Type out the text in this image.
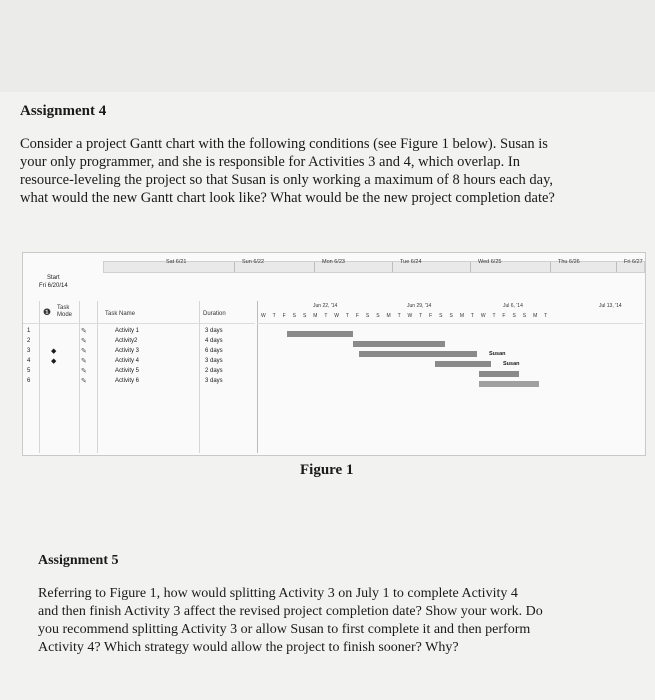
Assignment 4
Consider a project Gantt chart with the following conditions (see Figure 1 below). Susan is
your only programmer, and she is responsible for Activities 3 and 4, which overlap. In
resource-leveling the project so that Susan is only working a maximum of 8 hours each day,
what would the new Gantt chart look like? What would be the new project completion date?
Sat 6/21	Sun 6/22	Mon 6/23	Tue 6/24	Wed 6/25	Thu 6/26	Fri 6/27
Start
Fri 6/20/14
❶ Task Mode	Task Name	Duration
1	✎	Activity 1	3 days
2	✎	Activity2	4 days
3	◆	✎	Activity 3	6 days
4	◆	✎	Activity 4	3 days
5	✎	Activity 5	2 days
6	✎	Activity 6	3 days
Jun 22, '14	Jun 29, '14	Jul 6, '14	Jul 13, '14
W T F S S M T W T F S S M T W T F S S M T W T F S S M T
Susan
Susan
Figure 1
Assignment 5
Referring to Figure 1, how would splitting Activity 3 on July 1 to complete Activity 4
and then finish Activity 3 affect the revised project completion date? Show your work. Do
you recommend splitting Activity 3 or allow Susan to first complete it and then perform
Activity 4? Which strategy would allow the project to finish sooner? Why?
